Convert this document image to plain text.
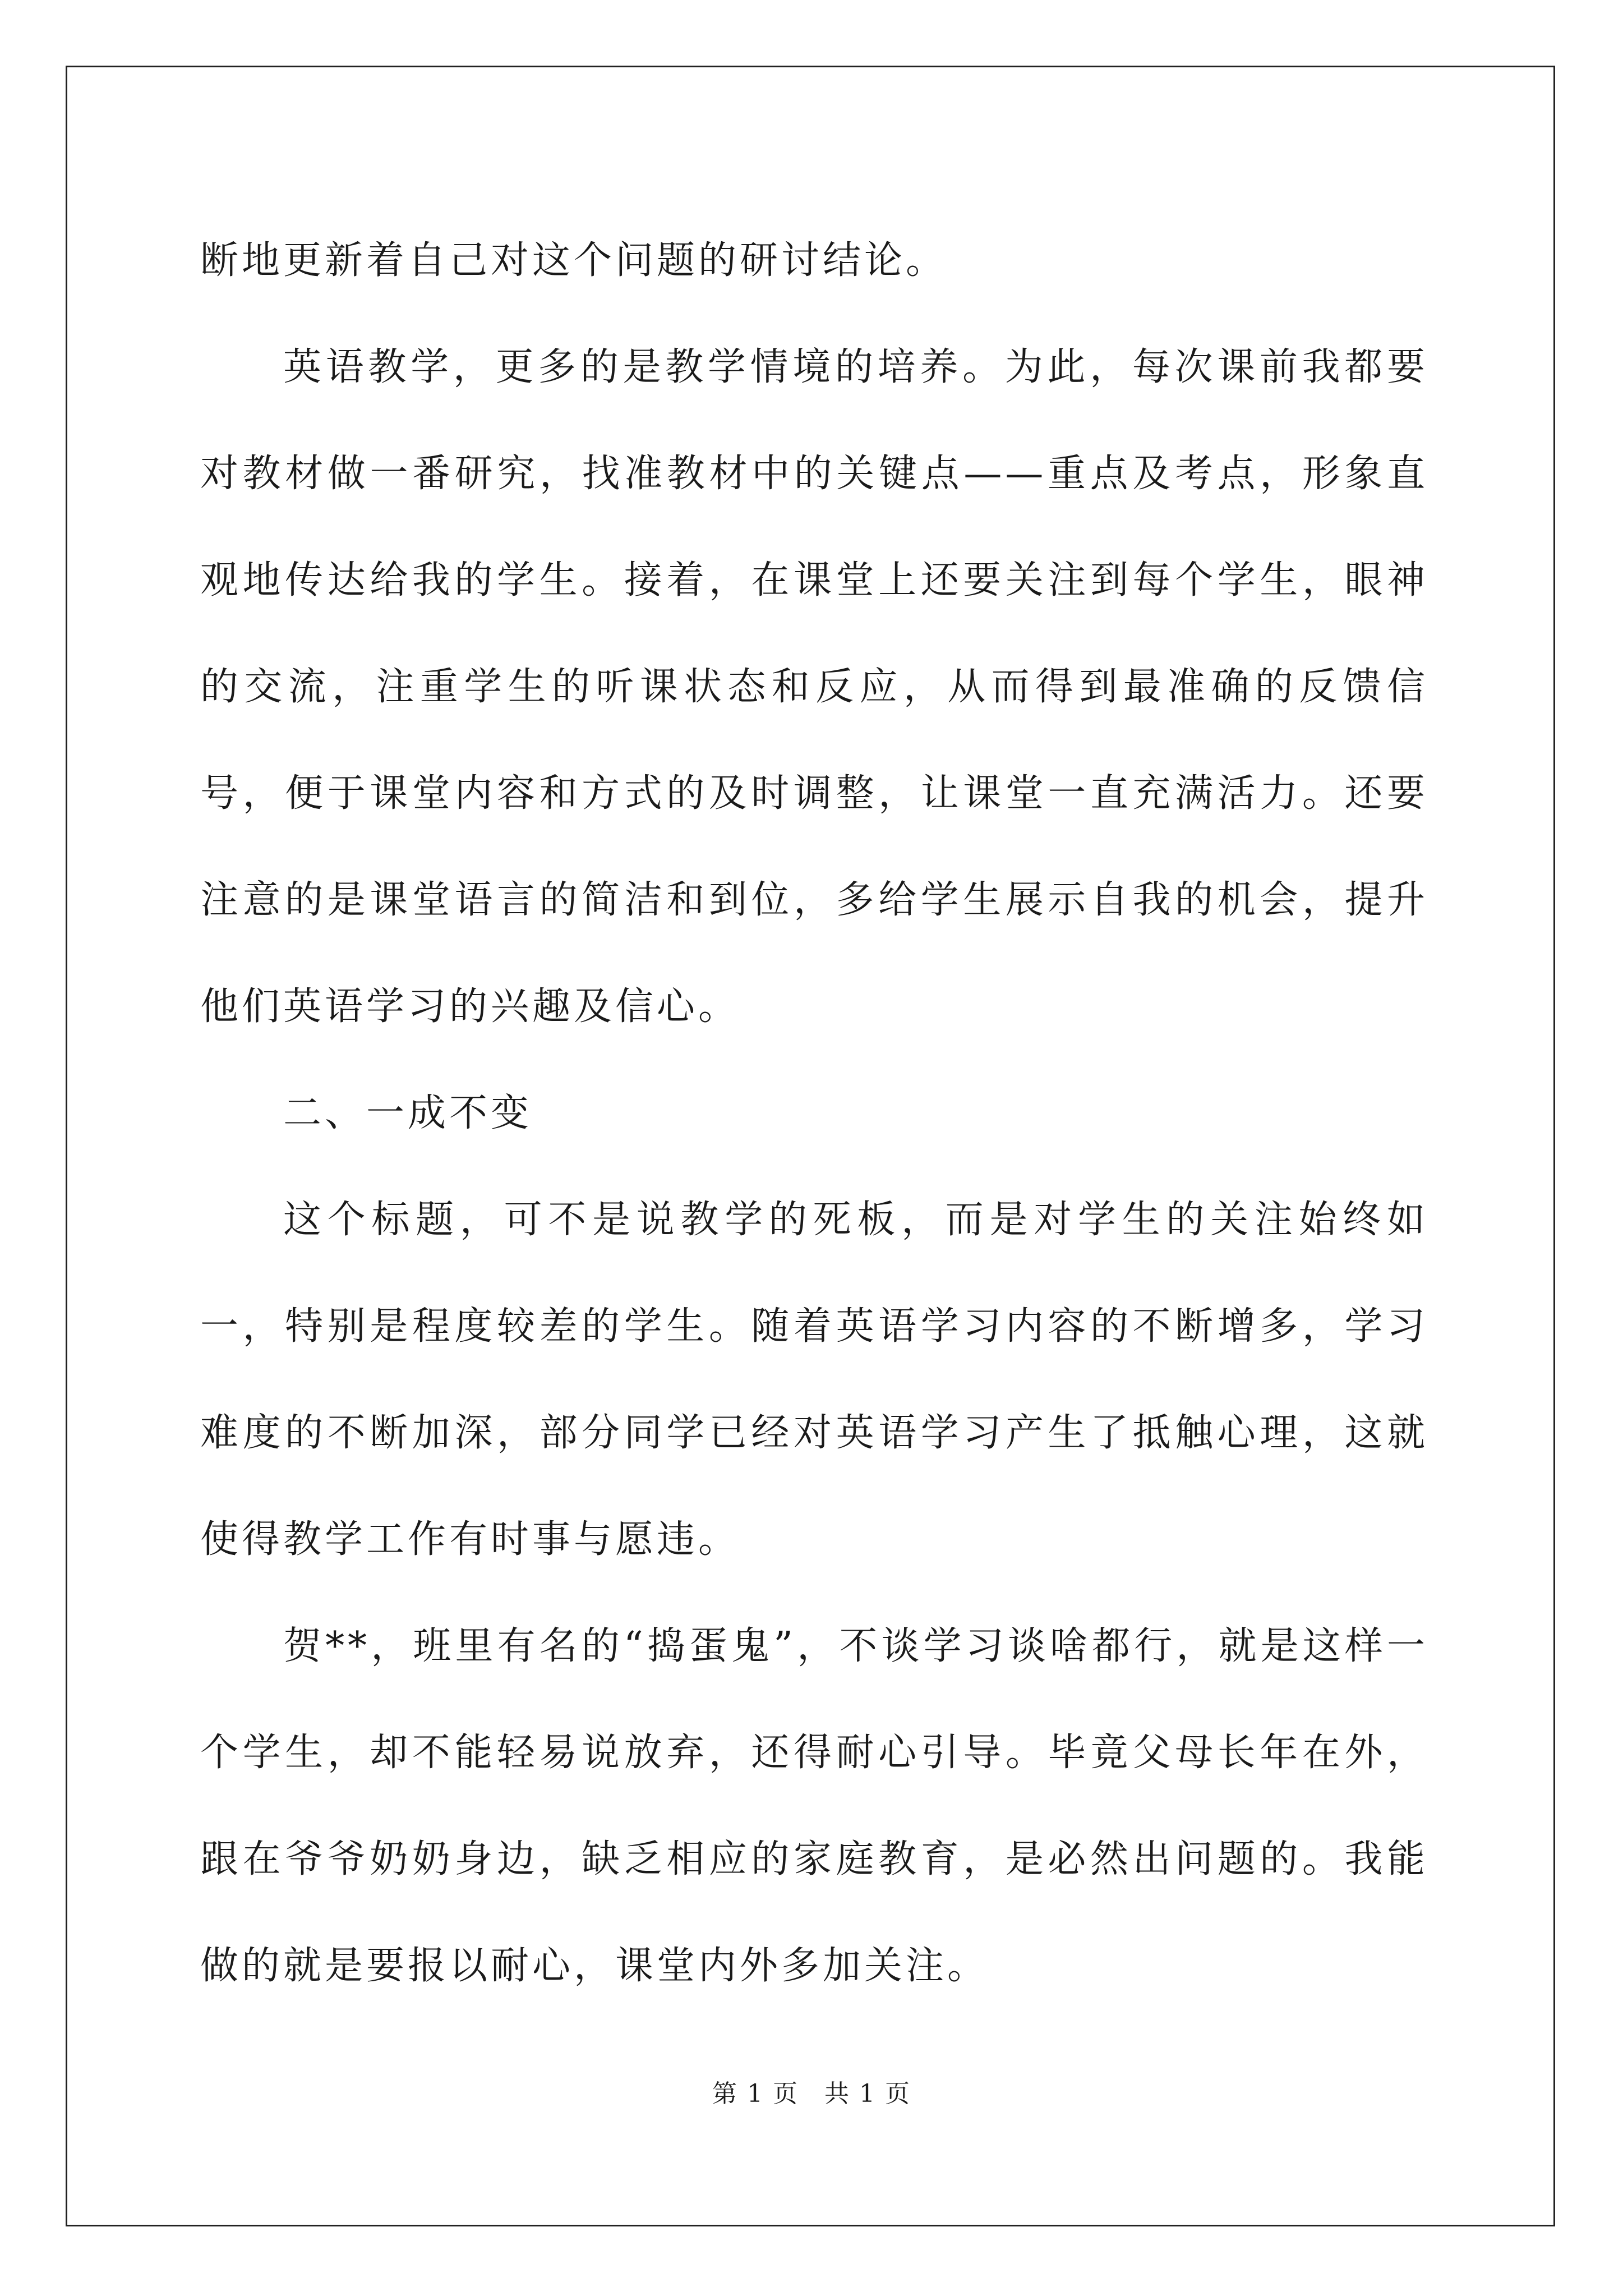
断地更新着自己对这个问题的研讨结论。

英语教学，更多的是教学情境的培养。为此，每次课前我都要对教材做一番研究，找准教材中的关键点——重点及考点，形象直观地传达给我的学生。接着，在课堂上还要关注到每个学生，眼神的交流，注重学生的听课状态和反应，从而得到最准确的反馈信号，便于课堂内容和方式的及时调整，让课堂一直充满活力。还要注意的是课堂语言的简洁和到位，多给学生展示自我的机会，提升他们英语学习的兴趣及信心。

二、一成不变

这个标题，可不是说教学的死板，而是对学生的关注始终如一，特别是程度较差的学生。随着英语学习内容的不断增多，学习难度的不断加深，部分同学已经对英语学习产生了抵触心理，这就使得教学工作有时事与愿违。

贺**，班里有名的“捣蛋鬼”，不谈学习谈啥都行，就是这样一个学生，却不能轻易说放弃，还得耐心引导。毕竟父母长年在外，跟在爷爷奶奶身边，缺乏相应的家庭教育，是必然出问题的。我能做的就是要报以耐心，课堂内外多加关注。

第 1 页　共 1 页
